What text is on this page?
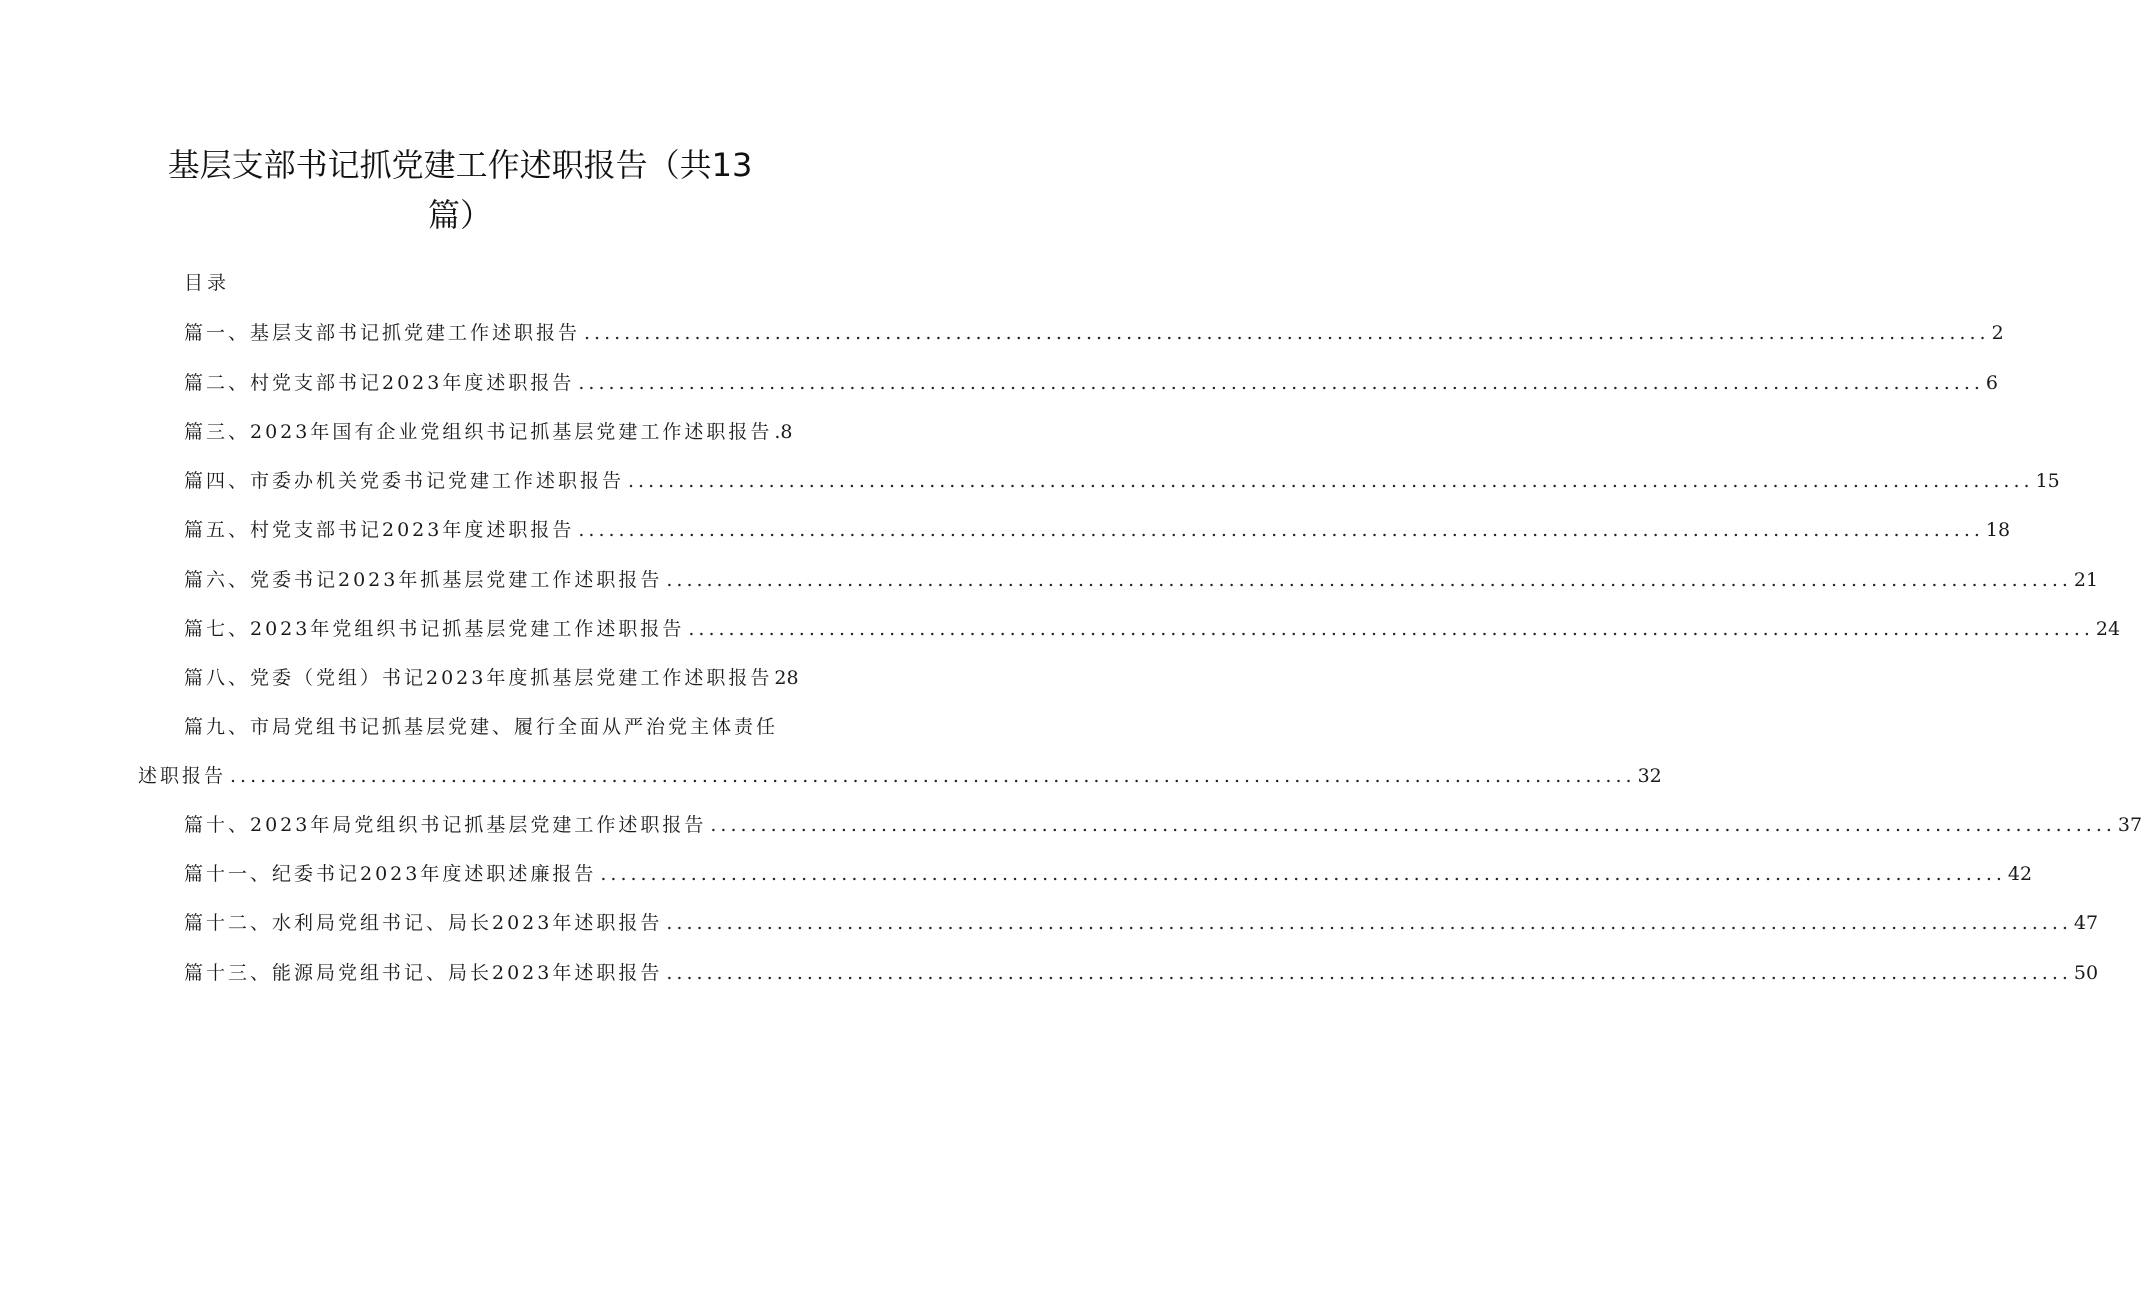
基层支部书记抓党建工作述职报告（共13篇）
目录
篇一、基层支部书记抓党建工作述职报告 .....	2
篇二、村党支部书记2023年度述职报告 .....	6
篇三、2023年国有企业党组织书记抓基层党建工作述职报告 .8
篇四、市委办机关党委书记党建工作述职报告 .....	15
篇五、村党支部书记2023年度述职报告 .....	18
篇六、党委书记2023年抓基层党建工作述职报告 .....	21
篇七、2023年党组织书记抓基层党建工作述职报告 .....	24
篇八、党委（党组）书记2023年度抓基层党建工作述职报告 28
篇九、市局党组书记抓基层党建、履行全面从严治党主体责任
述职报告 .....	32
篇十、2023年局党组织书记抓基层党建工作述职报告 .....	37
篇十一、纪委书记2023年度述职述廉报告 .....	42
篇十二、水利局党组书记、局长2023年述职报告 .....	47
篇十三、能源局党组书记、局长2023年述职报告 .....	50
